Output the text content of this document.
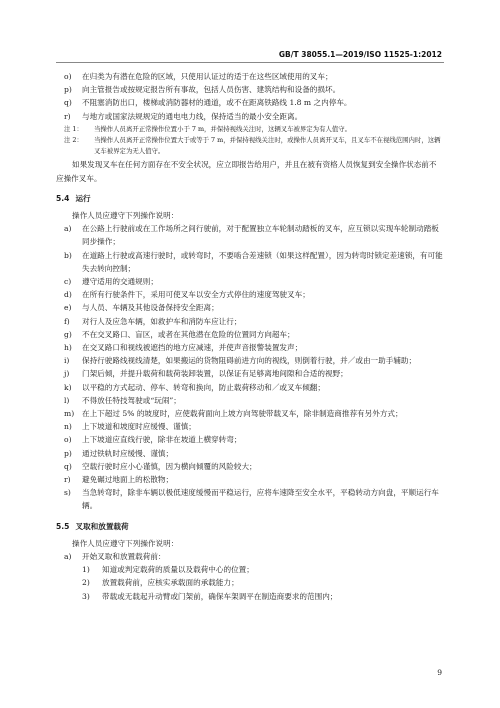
GB/T 38055.1—2019/ISO 11525-1:2012
o)	在归类为有潜在危险的区域，只使用认证过的适于在这些区域使用的叉车；
p)	向主管报告或按规定报告所有事故，包括人员伤害、建筑结构和设备的损坏。
q)	不阻塞消防出口，楼梯或消防器材的通道，或不在距离铁路线 1.8 m 之内停车。
r)	与地方或国家法规规定的通电电力线，保持适当的最小安全距离。
注 1：	当操作人员离开正常操作位置小于 7 m，并保持视线关注时，这辆叉车被界定为有人值守。
注 2：	当操作人员离开正常操作位置大于或等于 7 m，并保持视线关注时，或操作人员离开叉车，且叉车不在视线范围内时，这辆叉车被界定为无人值守。
如果发现叉车在任何方面存在不安全状况，应立即报告给用户，并且在被有资格人员恢复到安全操作状态前不应操作叉车。
5.4 运行
操作人员应遵守下列操作说明：
a)	在公路上行驶前或在工作场所之间行驶前，对于配置独立车轮制动踏板的叉车，应互锁以实现车轮制动踏板同步操作；
b)	在道路上行驶或高速行驶时，或转弯时，不要啮合差速锁（如果这样配置），因为转弯时锁定差速锁，有可能失去转向控制；
c)	遵守适用的交通规则；
d)	在所有行驶条件下，采用可使叉车以安全方式停住的速度驾驶叉车；
e)	与人员、车辆及其他设备保持安全距离；
f)	对行人及应急车辆，如救护车和消防车应让行；
g)	不在交叉路口、盲区，或者在其他潜在危险的位置同方向超车；
h)	在交叉路口和视线被遮挡的地方应减速，并使声音报警装置发声；
i)	保持行驶路线视线清楚，如果搬运的货物阻碍前进方向的视线，则倒着行驶，并／或由一助手辅助；
j)	门架后倾，并提升载荷和载荷装卸装置，以保证有足够离地间隙和合适的视野；
k)	以平稳的方式起动、停车、转弯和换向，防止载荷移动和／或叉车倾翻；
l)	不得放任特技驾驶或“玩闹”；
m)	在上下超过 5% 的坡度时，应使载荷面向上坡方向驾驶带载叉车，除非制造商推荐有另外方式；
n)	上下坡道和坡度时应缓慢、谨慎；
o)	上下坡道应直线行驶，除非在坡道上横穿转弯；
p)	通过铁轨时应缓慢、谨慎；
q)	空载行驶时应小心谨慎，因为横向倾覆的风险较大；
r)	避免碾过地面上的松散物；
s)	当急转弯时，除非车辆以极低速度缓慢而平稳运行，应将车速降至安全水平，平稳转动方向盘，平顺运行车辆。
5.5 叉取和放置载荷
操作人员应遵守下列操作说明：
a)	开始叉取和放置载荷前：
1)	知道或判定载荷的质量以及载荷中心的位置；
2)	放置载荷前，应核实承载面的承载能力；
3)	带载或无载起升动臂或门架前，确保车架调平在制造商要求的范围内；
9
